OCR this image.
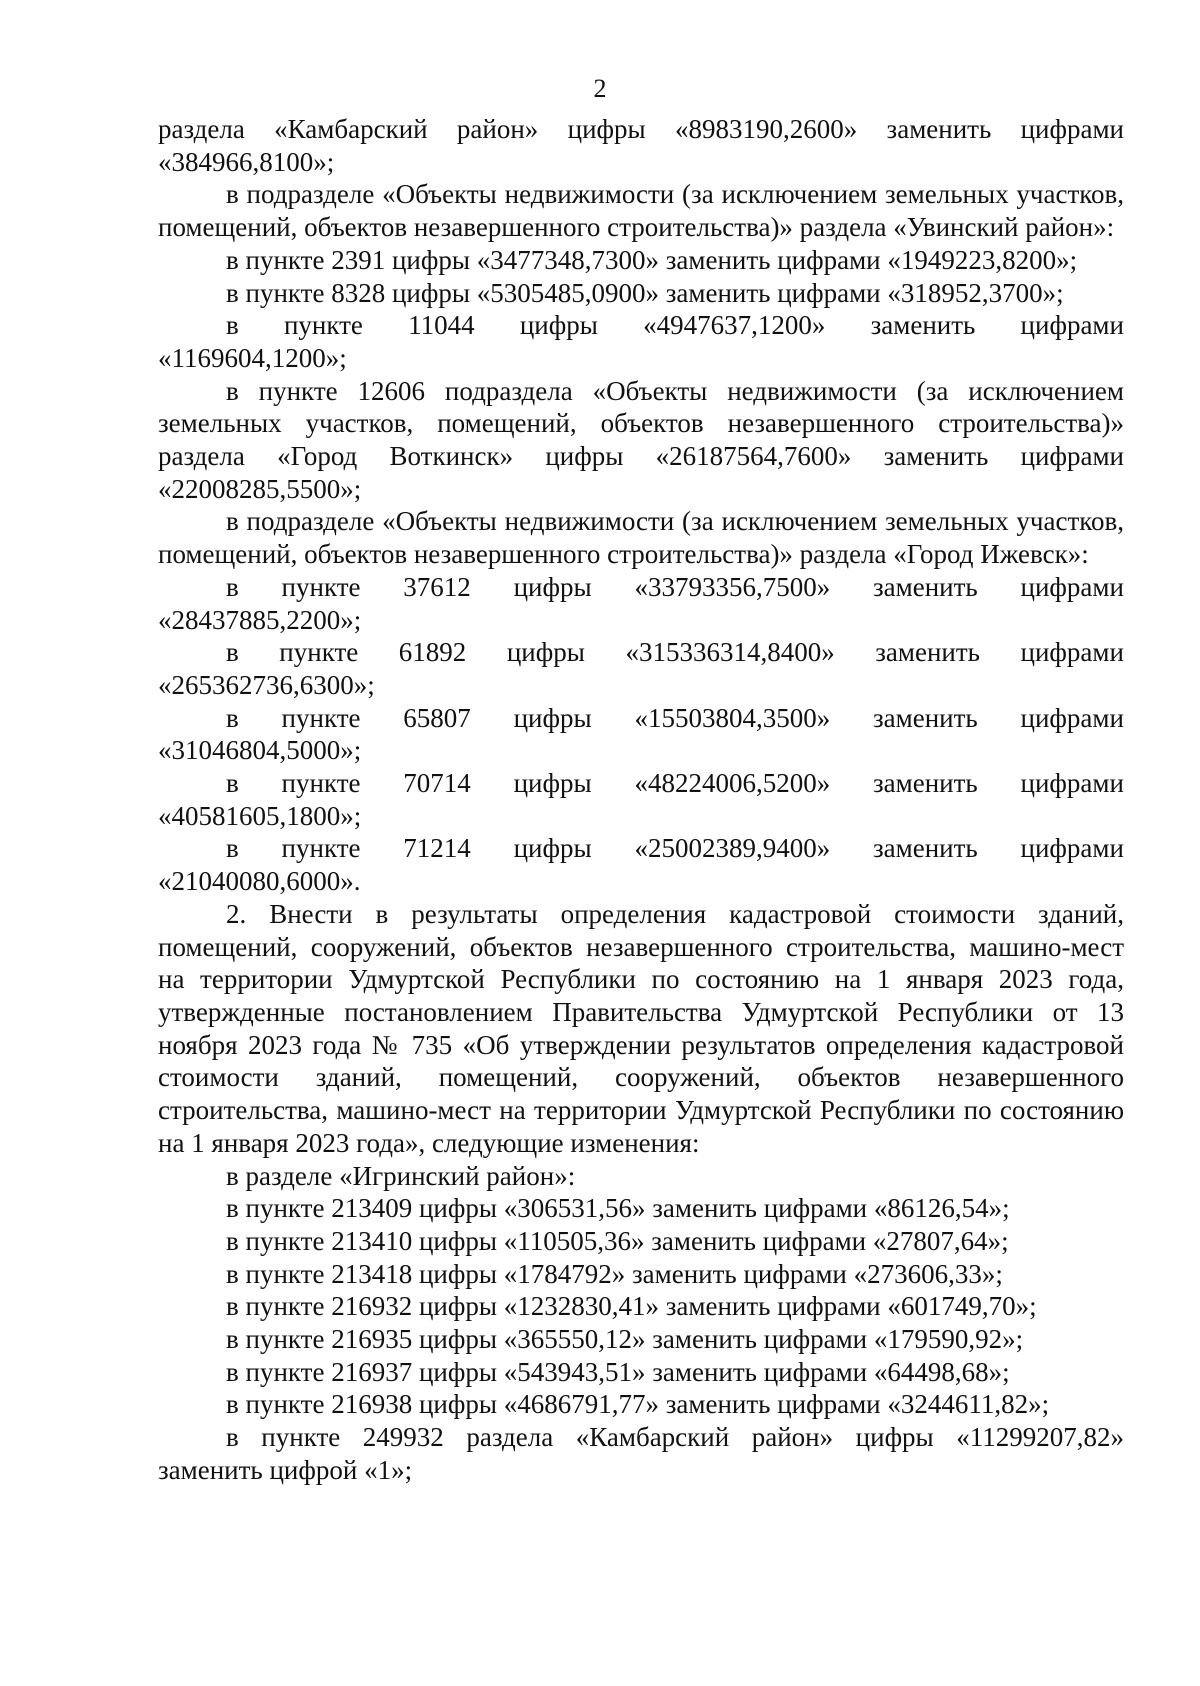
2

раздела «Камбарский район» цифры «8983190,2600» заменить цифрами «384966,8100»;

в подразделе «Объекты недвижимости (за исключением земельных участков, помещений, объектов незавершенного строительства)» раздела «Увинский район»:

в пункте 2391 цифры «3477348,7300» заменить цифрами «1949223,8200»;

в пункте 8328 цифры «5305485,0900» заменить цифрами «318952,3700»;

в пункте 11044 цифры «4947637,1200» заменить цифрами

«1169604,1200»;

в пункте 12606 подраздела «Объекты недвижимости (за исключением земельных участков, помещений, объектов незавершенного строительства)» раздела «Город Воткинск» цифры «26187564,7600» заменить цифрами «22008285,5500»;

в подразделе «Объекты недвижимости (за исключением земельных участков, помещений, объектов незавершенного строительства)» раздела «Город Ижевск»:

в пункте 37612 цифры «33793356,7500» заменить цифрами

«28437885,2200»;

в пункте 61892 цифры «315336314,8400» заменить цифрами

«265362736,6300»;

в пункте 65807 цифры «15503804,3500» заменить цифрами

«31046804,5000»;

в пункте 70714 цифры «48224006,5200» заменить цифрами

«40581605,1800»;

в пункте 71214 цифры «25002389,9400» заменить цифрами

«21040080,6000».

2. Внести в результаты определения кадастровой стоимости зданий, помещений, сооружений, объектов незавершенного строительства, машино-мест на территории Удмуртской Республики по состоянию на 1 января 2023 года, утвержденные постановлением Правительства Удмуртской Республики от 13 ноября 2023 года № 735 «Об утверждении результатов определения кадастровой стоимости зданий, помещений, сооружений, объектов незавершенного строительства, машино-мест на территории Удмуртской Республики по состоянию на 1 января 2023 года», следующие изменения:

в разделе «Игринский район»:

в пункте 213409 цифры «306531,56» заменить цифрами «86126,54»;

в пункте 213410 цифры «110505,36» заменить цифрами «27807,64»;

в пункте 213418 цифры «1784792» заменить цифрами «273606,33»;

в пункте 216932 цифры «1232830,41» заменить цифрами «601749,70»;

в пункте 216935 цифры «365550,12» заменить цифрами «179590,92»;

в пункте 216937 цифры «543943,51» заменить цифрами «64498,68»;

в пункте 216938 цифры «4686791,77» заменить цифрами «3244611,82»;

в пункте 249932 раздела «Камбарский район» цифры «11299207,82» заменить цифрой «1»;
